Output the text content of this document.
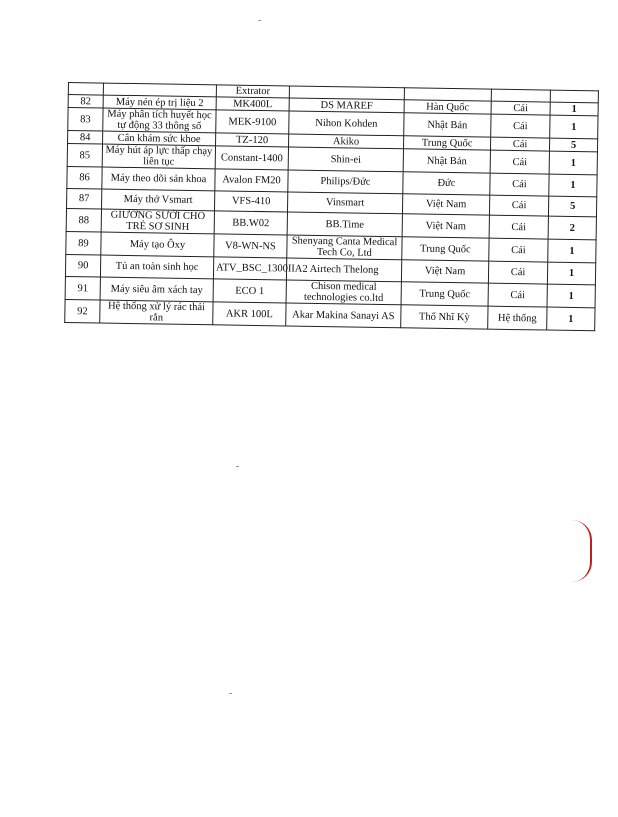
		Extrator				
82	Máy nén ép trị liệu 2	MK400L	DS MAREF	Hàn Quốc	Cái	1
83	Máy phân tích huyết học tự động 33 thông số	MEK-9100	Nihon Kohden	Nhật Bản	Cái	1
84	Cân khám sức khoe	TZ-120	Akiko	Trung Quốc	Cái	5
85	Máy hút áp lực thấp chạy liên tục	Constant-1400	Shin-ei	Nhật Bản	Cái	1
86	Máy theo dõi sản khoa	Avalon FM20	Philips/Đức	Đức	Cái	1
87	Máy thở Vsmart	VFS-410	Vinsmart	Việt Nam	Cái	5
88	GIƯỜNG SƯỞI CHO TRẺ SƠ SINH	BB.W02	BB.Time	Việt Nam	Cái	2
89	Máy tạo Ôxy	V8-WN-NS	Shenyang Canta Medical Tech Co, Ltd	Trung Quốc	Cái	1
90	Tủ an toàn sinh học	ATV_BSC_1300IIA2	Airtech Thelong	Việt Nam	Cái	1
91	Máy siêu âm xách tay	ECO 1	Chison medical technologies co.ltd	Trung Quốc	Cái	1
92	Hệ thống xử lý rác thải rắn	AKR 100L	Akar Makina Sanayi AS	Thổ Nhĩ Kỳ	Hệ thống	1
